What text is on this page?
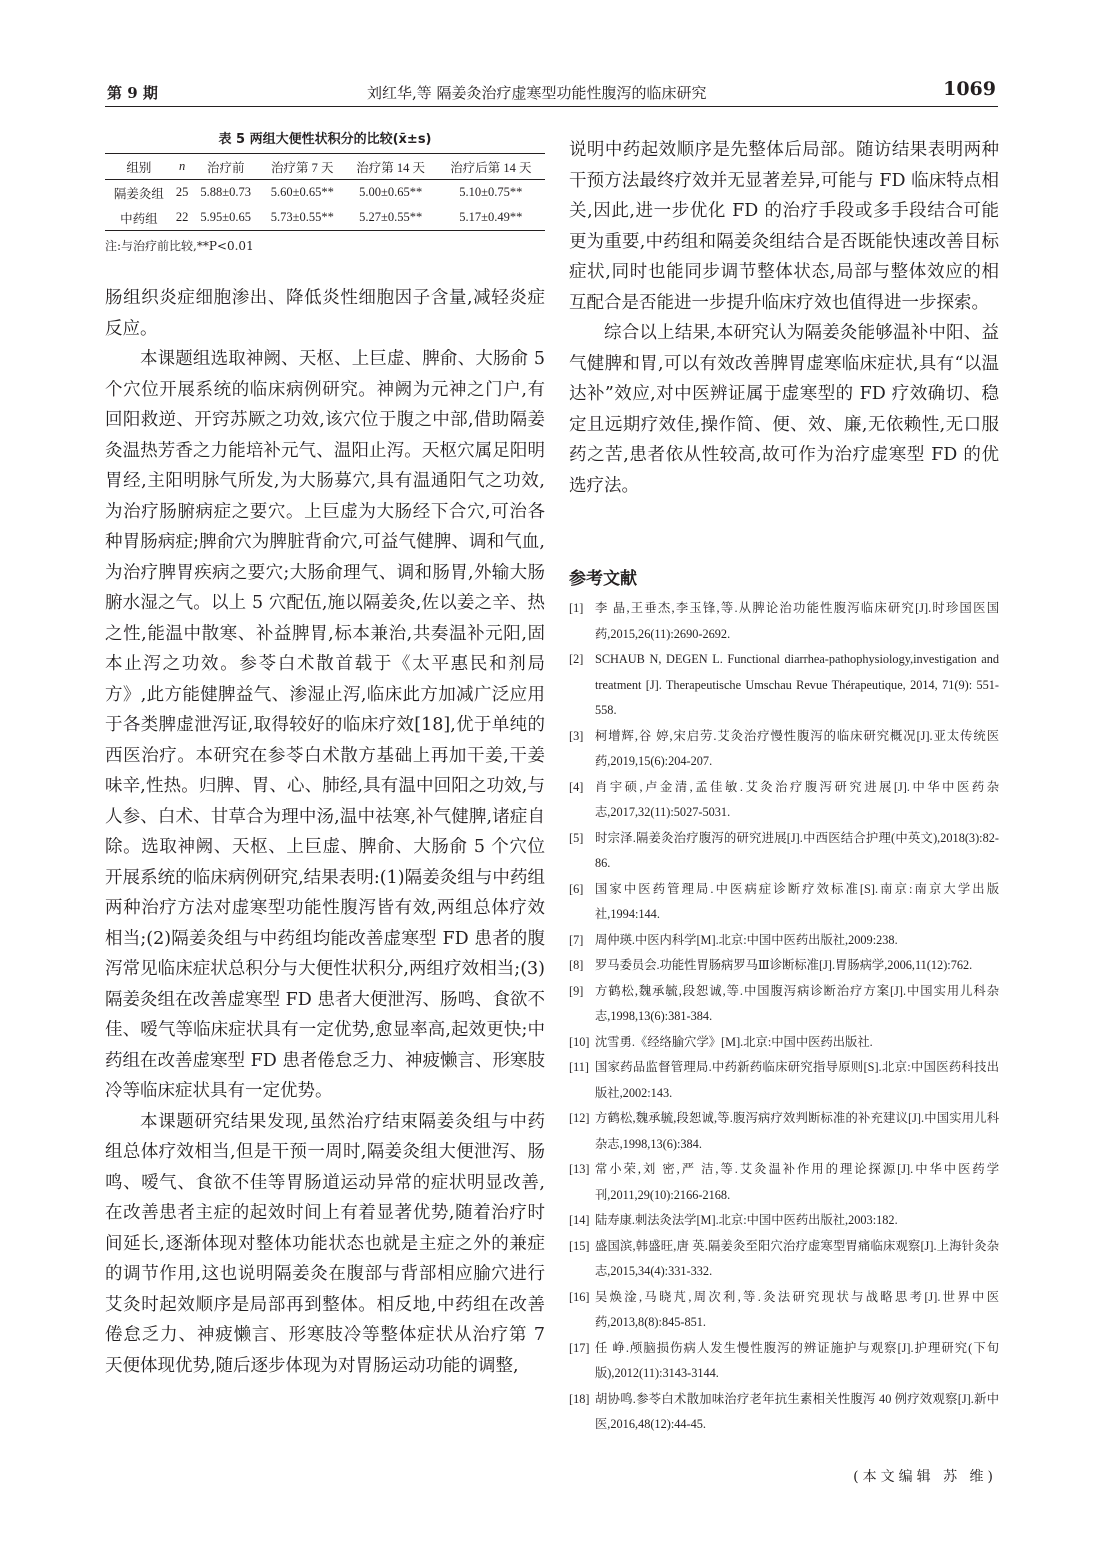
第 9 期	刘红华,等 隔姜灸治疗虚寒型功能性腹泻的临床研究	1069
表 5 两组大便性状积分的比较(x̄±s)
组别	n	治疗前	治疗第 7 天	治疗第 14 天	治疗后第 14 天
隔姜灸组	25	5.88±0.73	5.60±0.65**	5.00±0.65**	5.10±0.75**
中药组	22	5.95±0.65	5.73±0.55**	5.27±0.55**	5.17±0.49**
注:与治疗前比较,**P<0.01

肠组织炎症细胞渗出、降低炎性细胞因子含量,减轻炎症反应。

本课题组选取神阙、天枢、上巨虚、脾俞、大肠俞 5 个穴位开展系统的临床病例研究。神阙为元神之门户,有回阳救逆、开窍苏厥之功效,该穴位于腹之中部,借助隔姜灸温热芳香之力能培补元气、温阳止泻。天枢穴属足阳明胃经,主阳明脉气所发,为大肠募穴,具有温通阳气之功效,为治疗肠腑病症之要穴。上巨虚为大肠经下合穴,可治各种胃肠病症;脾俞穴为脾脏背俞穴,可益气健脾、调和气血,为治疗脾胃疾病之要穴;大肠俞理气、调和肠胃,外输大肠腑水湿之气。以上 5 穴配伍,施以隔姜灸,佐以姜之辛、热之性,能温中散寒、补益脾胃,标本兼治,共奏温补元阳,固本止泻之功效。参苓白术散首载于《太平惠民和剂局方》,此方能健脾益气、渗湿止泻,临床此方加减广泛应用于各类脾虚泄泻证,取得较好的临床疗效[18],优于单纯的西医治疗。本研究在参苓白术散方基础上再加干姜,干姜味辛,性热。归脾、胃、心、肺经,具有温中回阳之功效,与人参、白术、甘草合为理中汤,温中祛寒,补气健脾,诸症自除。选取神阙、天枢、上巨虚、脾俞、大肠俞 5 个穴位开展系统的临床病例研究,结果表明:(1)隔姜灸组与中药组两种治疗方法对虚寒型功能性腹泻皆有效,两组总体疗效相当;(2)隔姜灸组与中药组均能改善虚寒型 FD 患者的腹泻常见临床症状总积分与大便性状积分,两组疗效相当;(3)隔姜灸组在改善虚寒型 FD 患者大便泄泻、肠鸣、食欲不佳、嗳气等临床症状具有一定优势,愈显率高,起效更快;中药组在改善虚寒型 FD 患者倦怠乏力、神疲懒言、形寒肢冷等临床症状具有一定优势。

本课题研究结果发现,虽然治疗结束隔姜灸组与中药组总体疗效相当,但是干预一周时,隔姜灸组大便泄泻、肠鸣、嗳气、食欲不佳等胃肠道运动异常的症状明显改善,在改善患者主症的起效时间上有着显著优势,随着治疗时间延长,逐渐体现对整体功能状态也就是主症之外的兼症的调节作用,这也说明隔姜灸在腹部与背部相应腧穴进行艾灸时起效顺序是局部再到整体。相反地,中药组在改善倦怠乏力、神疲懒言、形寒肢冷等整体症状从治疗第 7 天便体现优势,随后逐步体现为对胃肠运动功能的调整,

说明中药起效顺序是先整体后局部。随访结果表明两种干预方法最终疗效并无显著差异,可能与 FD 临床特点相关,因此,进一步优化 FD 的治疗手段或多手段结合可能更为重要,中药组和隔姜灸组结合是否既能快速改善目标症状,同时也能同步调节整体状态,局部与整体效应的相互配合是否能进一步提升临床疗效也值得进一步探索。

综合以上结果,本研究认为隔姜灸能够温补中阳、益气健脾和胃,可以有效改善脾胃虚寒临床症状,具有“以温达补”效应,对中医辨证属于虚寒型的 FD 疗效确切、稳定且远期疗效佳,操作简、便、效、廉,无依赖性,无口服药之苦,患者依从性较高,故可作为治疗虚寒型 FD 的优选疗法。

参考文献
[1] 李 晶,王垂杰,李玉锋,等.从脾论治功能性腹泻临床研究[J].时珍国医国药,2015,26(11):2690-2692.
[2] SCHAUB N, DEGEN L. Functional diarrhea-pathophysiology,investigation and treatment [J]. Therapeutische Umschau Revue Thérapeutique, 2014, 71(9): 551-558.
[3] 柯增辉,谷 婷,宋启劳.艾灸治疗慢性腹泻的临床研究概况[J].亚太传统医药,2019,15(6):204-207.
[4] 肖宇硕,卢金清,孟佳敏.艾灸治疗腹泻研究进展[J].中华中医药杂志,2017,32(11):5027-5031.
[5] 时宗泽.隔姜灸治疗腹泻的研究进展[J].中西医结合护理(中英文),2018(3):82-86.
[6] 国家中医药管理局.中医病症诊断疗效标准[S].南京:南京大学出版社,1994:144.
[7] 周仲瑛.中医内科学[M].北京:中国中医药出版社,2009:238.
[8] 罗马委员会.功能性胃肠病罗马Ⅲ诊断标准[J].胃肠病学,2006,11(12):762.
[9] 方鹤松,魏承毓,段恕诚,等.中国腹泻病诊断治疗方案[J].中国实用儿科杂志,1998,13(6):381-384.
[10] 沈雪勇.《经络腧穴学》[M].北京:中国中医药出版社.
[11] 国家药品监督管理局.中药新药临床研究指导原则[S].北京:中国医药科技出版社,2002:143.
[12] 方鹤松,魏承毓,段恕诚,等.腹泻病疗效判断标准的补充建议[J].中国实用儿科杂志,1998,13(6):384.
[13] 常小荣,刘 密,严 洁,等.艾灸温补作用的理论探源[J].中华中医药学刊,2011,29(10):2166-2168.
[14] 陆寿康.刺法灸法学[M].北京:中国中医药出版社,2003:182.
[15] 盛国滨,韩盛旺,唐 英.隔姜灸至阳穴治疗虚寒型胃痛临床观察[J].上海针灸杂志,2015,34(4):331-332.
[16] 吴焕淦,马晓芃,周次利,等.灸法研究现状与战略思考[J].世界中医药,2013,8(8):845-851.
[17] 任 峥.颅脑损伤病人发生慢性腹泻的辨证施护与观察[J].护理研究(下旬版),2012(11):3143-3144.
[18] 胡协鸣.参苓白术散加味治疗老年抗生素相关性腹泻 40 例疗效观察[J].新中医,2016,48(12):44-45.
(本文编辑 苏 维)
